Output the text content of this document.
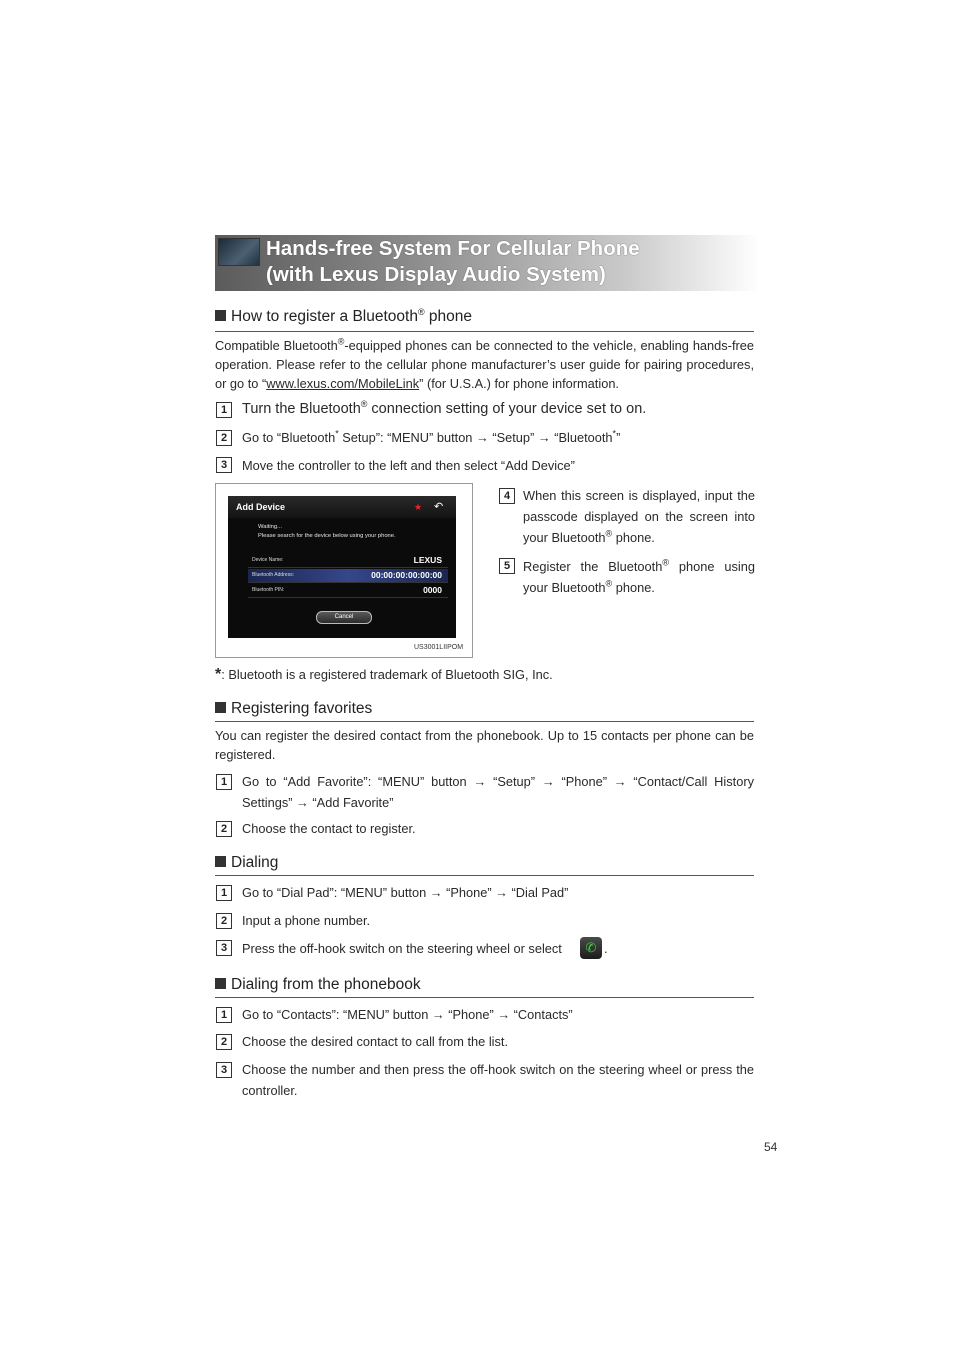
Hands-free System For Cellular Phone
(with Lexus Display Audio System)
How to register a Bluetooth® phone
Compatible Bluetooth®-equipped phones can be connected to the vehicle, enabling hands-free operation. Please refer to the cellular phone manufacturer’s user guide for pairing procedures, or go to “www.lexus.com/MobileLink” (for U.S.A.) for phone information.
1	Turn the Bluetooth® connection setting of your device set to on.
2	Go to “Bluetooth* Setup”: “MENU” button → “Setup” → “Bluetooth*”
3	Move the controller to the left and then select “Add Device”
Add Device	★ ↶
Waiting...
Please search for the device below using your phone.
Device Name:	LEXUS
Bluetooth Address:	00:00:00:00:00:00
Bluetooth PIN:	0000
Cancel
US3001LIIPOM
4	When this screen is displayed, input the passcode displayed on the screen into your Bluetooth® phone.
5	Register the Bluetooth® phone using your Bluetooth® phone.
*: Bluetooth is a registered trademark of Bluetooth SIG, Inc.
Registering favorites
You can register the desired contact from the phonebook. Up to 15 contacts per phone can be registered.
1	Go to “Add Favorite”: “MENU” button → “Setup” → “Phone” → “Contact/Call History Settings” → “Add Favorite”
2	Choose the contact to register.
Dialing
1	Go to “Dial Pad”: “MENU” button → “Phone” → “Dial Pad”
2	Input a phone number.
3	Press the off-hook switch on the steering wheel or select	✆ .
Dialing from the phonebook
1	Go to “Contacts”: “MENU” button → “Phone” → “Contacts”
2	Choose the desired contact to call from the list.
3	Choose the number and then press the off-hook switch on the steering wheel or press the controller.
54
